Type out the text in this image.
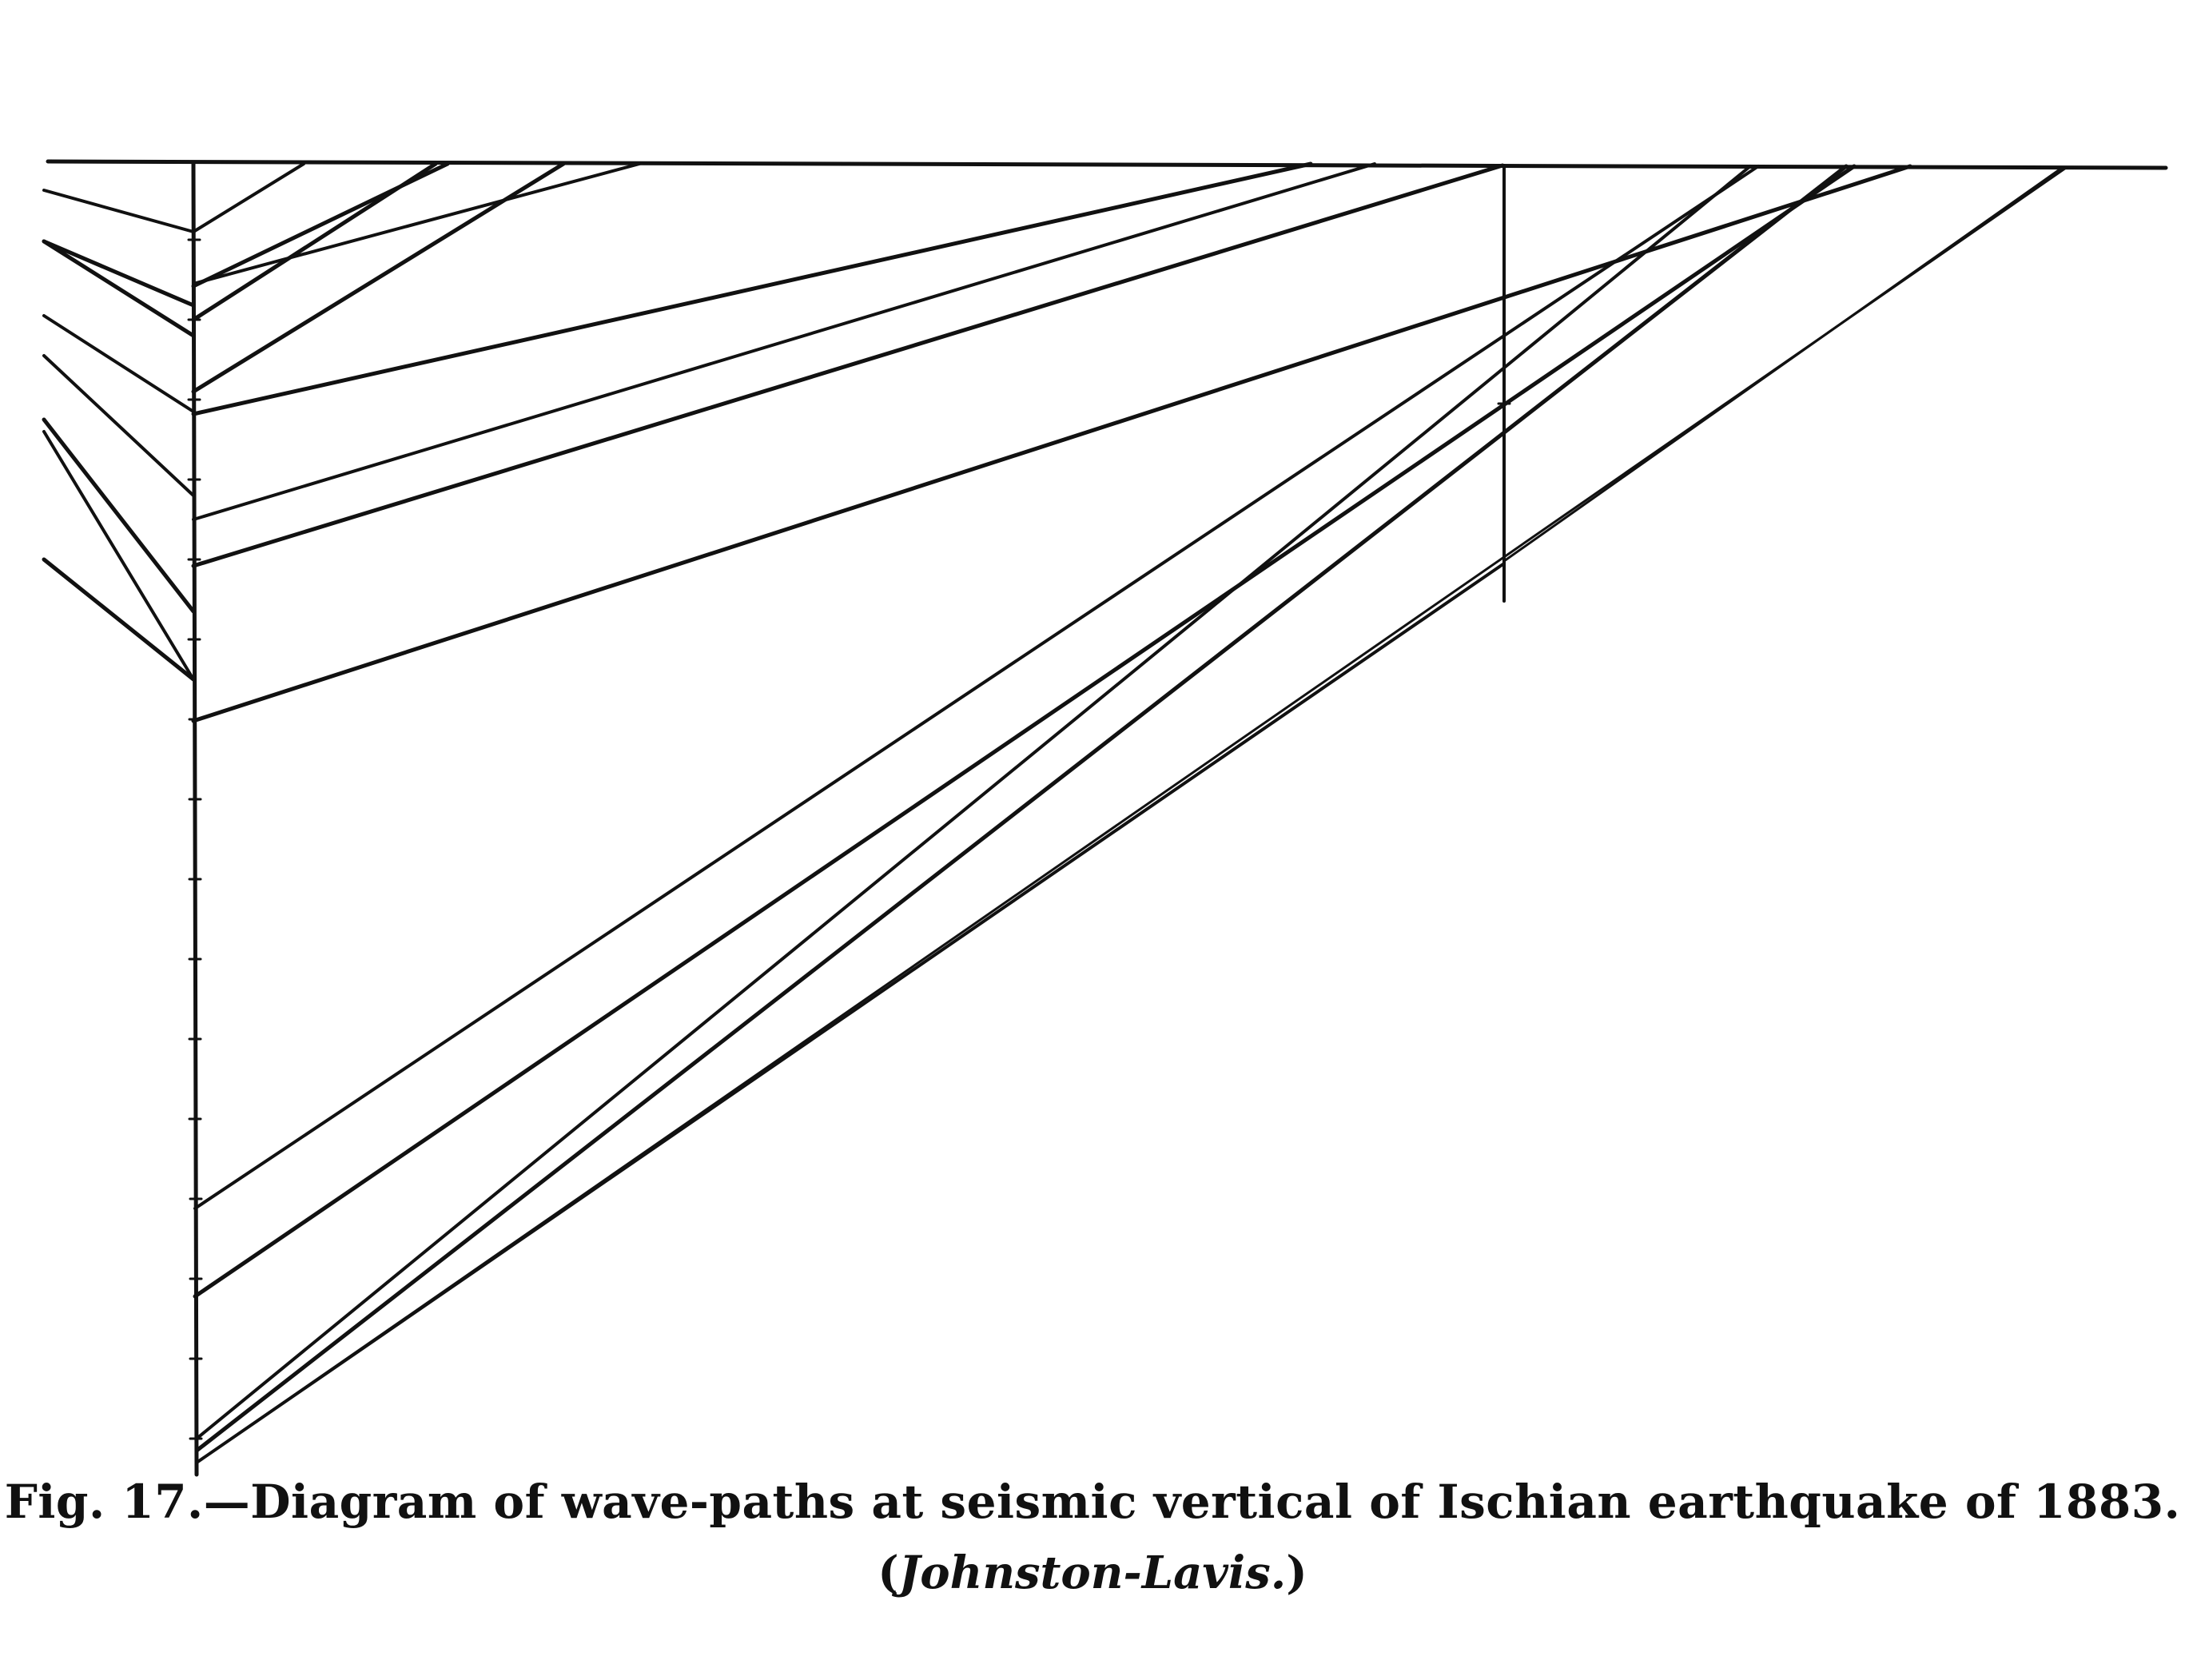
Fig. 17.—Diagram of wave-paths at seismic vertical of Ischian earthquake of 1883.
(Johnston-Lavis.)
